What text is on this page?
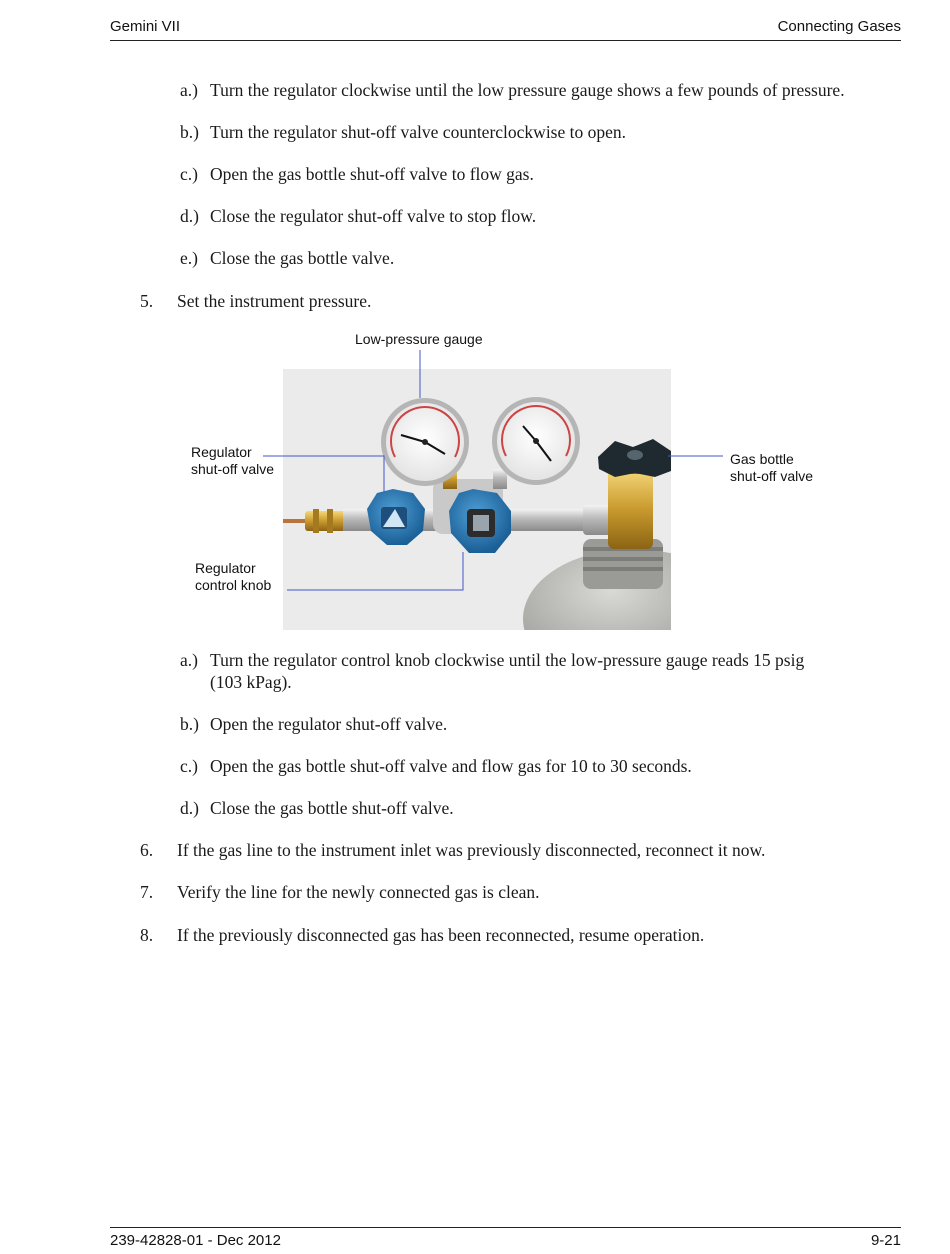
Gemini VII	Connecting Gases
a.) Turn the regulator clockwise until the low pressure gauge shows a few pounds of pressure.
b.) Turn the regulator shut-off valve counterclockwise to open.
c.) Open the gas bottle shut-off valve to flow gas.
d.) Close the regulator shut-off valve to stop flow.
e.) Close the gas bottle valve.
5. Set the instrument pressure.
Low-pressure gauge
Regulator
shut-off valve
Gas bottle
shut-off valve
Regulator
control knob
a.) Turn the regulator control knob clockwise until the low-pressure gauge reads 15 psig
(103 kPag).
b.) Open the regulator shut-off valve.
c.) Open the gas bottle shut-off valve and flow gas for 10 to 30 seconds.
d.) Close the gas bottle shut-off valve.
6. If the gas line to the instrument inlet was previously disconnected, reconnect it now.
7. Verify the line for the newly connected gas is clean.
8. If the previously disconnected gas has been reconnected, resume operation.
239-42828-01 - Dec 2012	9-21
